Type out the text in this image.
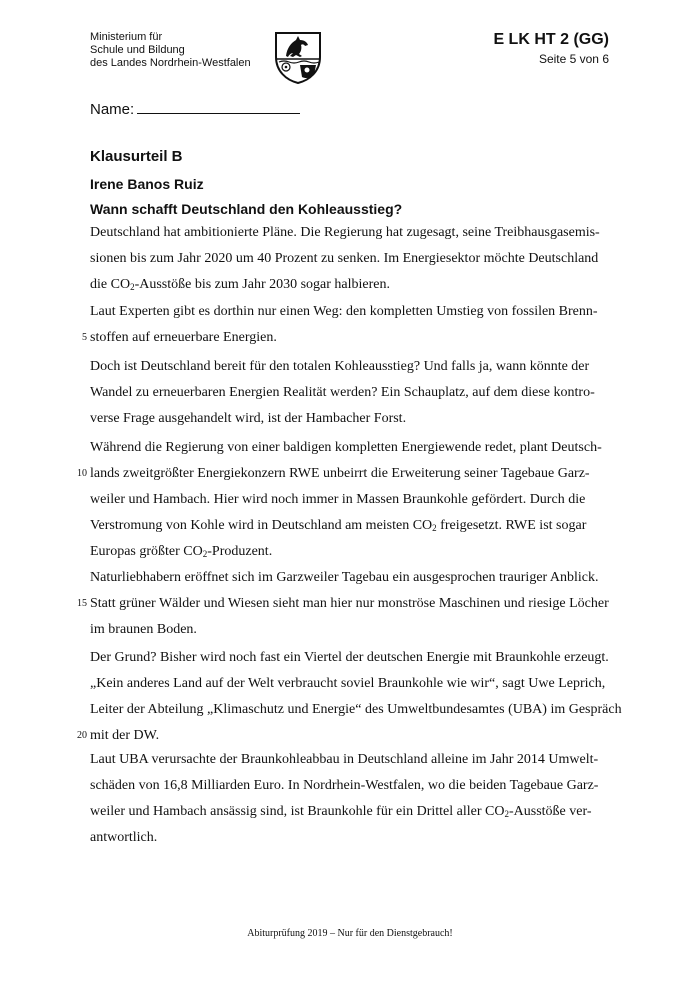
Ministerium für
Schule und Bildung
des Landes Nordrhein-Westfalen
E LK HT 2 (GG)
Seite 5 von 6
Name:
Klausurteil B
Irene Banos Ruiz
Wann schafft Deutschland den Kohleausstieg?
Deutschland hat ambitionierte Pläne. Die Regierung hat zugesagt, seine Treibhausgasemis-
sionen bis zum Jahr 2020 um 40 Prozent zu senken. Im Energiesektor möchte Deutschland
die $CO_2$-Ausstöße bis zum Jahr 2030 sogar halbieren.
Laut Experten gibt es dorthin nur einen Weg: den kompletten Umstieg von fossilen Brenn-
5 stoffen auf erneuerbare Energien.
Doch ist Deutschland bereit für den totalen Kohleausstieg? Und falls ja, wann könnte der
Wandel zu erneuerbaren Energien Realität werden? Ein Schauplatz, auf dem diese kontro-
verse Frage ausgehandelt wird, ist der Hambacher Forst.
Während die Regierung von einer baldigen kompletten Energiewende redet, plant Deutsch-
10 lands zweitgrößter Energiekonzern RWE unbeirrt die Erweiterung seiner Tagebaue Garz-
weiler und Hambach. Hier wird noch immer in Massen Braunkohle gefördert. Durch die
Verstromung von Kohle wird in Deutschland am meisten $CO_2$ freigesetzt. RWE ist sogar
Europas größter $CO_2$-Produzent.
Naturliebhabern eröffnet sich im Garzweiler Tagebau ein ausgesprochen trauriger Anblick.
15 Statt grüner Wälder und Wiesen sieht man hier nur monströse Maschinen und riesige Löcher
im braunen Boden.
Der Grund? Bisher wird noch fast ein Viertel der deutschen Energie mit Braunkohle erzeugt.
„Kein anderes Land auf der Welt verbraucht soviel Braunkohle wie wir“, sagt Uwe Leprich,
Leiter der Abteilung „Klimaschutz und Energie“ des Umweltbundesamtes (UBA) im Gespräch
20 mit der DW.
Laut UBA verursachte der Braunkohleabbau in Deutschland alleine im Jahr 2014 Umwelt-
schäden von 16,8 Milliarden Euro. In Nordrhein-Westfalen, wo die beiden Tagebaue Garz-
weiler und Hambach ansässig sind, ist Braunkohle für ein Drittel aller $CO_2$-Ausstöße ver-
antwortlich.
Abiturprüfung 2019 – Nur für den Dienstgebrauch!
